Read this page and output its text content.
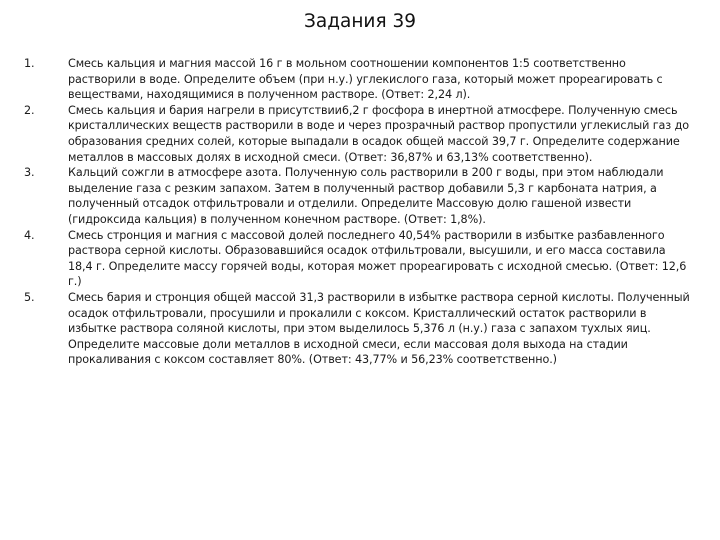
Задания 39
1.	Смесь кальция и магния массой 16 г в мольном соотношении компонентов 1:5 соответственно растворили в воде. Определите объем (при н.у.) углекислого газа, который может прореагировать с веществами, находящимися в полученном растворе. (Ответ: 2,24 л).
2.	Смесь кальция и бария нагрели в присутствии6,2 г фосфора в инертной атмосфере. Полученную смесь кристаллических веществ растворили в воде и через прозрачный раствор пропустили углекислый газ до образования средних солей, которые выпадали в осадок общей массой 39,7 г. Определите содержание металлов в массовых долях в исходной смеси. (Ответ: 36,87% и 63,13% соответственно).
3.	Кальций сожгли в атмосфере азота. Полученную соль растворили в 200 г воды, при этом наблюдали выделение газа с резким запахом. Затем в полученный раствор добавили 5,3 г карбоната натрия, а полученный отсадок отфильтровали и отделили. Определите Массовую долю гашеной извести (гидроксида кальция) в полученном конечном растворе. (Ответ: 1,8%).
4.	Смесь стронция и магния с массовой долей последнего 40,54% растворили в избытке разбавленного раствора серной кислоты. Образовавшийся осадок отфильтровали, высушили, и его масса составила 18,4 г. Определите массу горячей воды, которая может прореагировать с исходной смесью. (Ответ: 12,6 г.)
5.	Смесь бария и стронция общей массой 31,3 растворили в избытке раствора серной кислоты. Полученный осадок отфильтровали, просушили и прокалили с коксом. Кристаллический остаток растворили в избытке раствора соляной кислоты, при этом выделилось 5,376 л (н.у.) газа с запахом тухлых яиц. Определите массовые доли металлов в исходной смеси, если массовая доля выхода на стадии прокаливания с коксом составляет 80%. (Ответ: 43,77% и 56,23% соответственно.)
